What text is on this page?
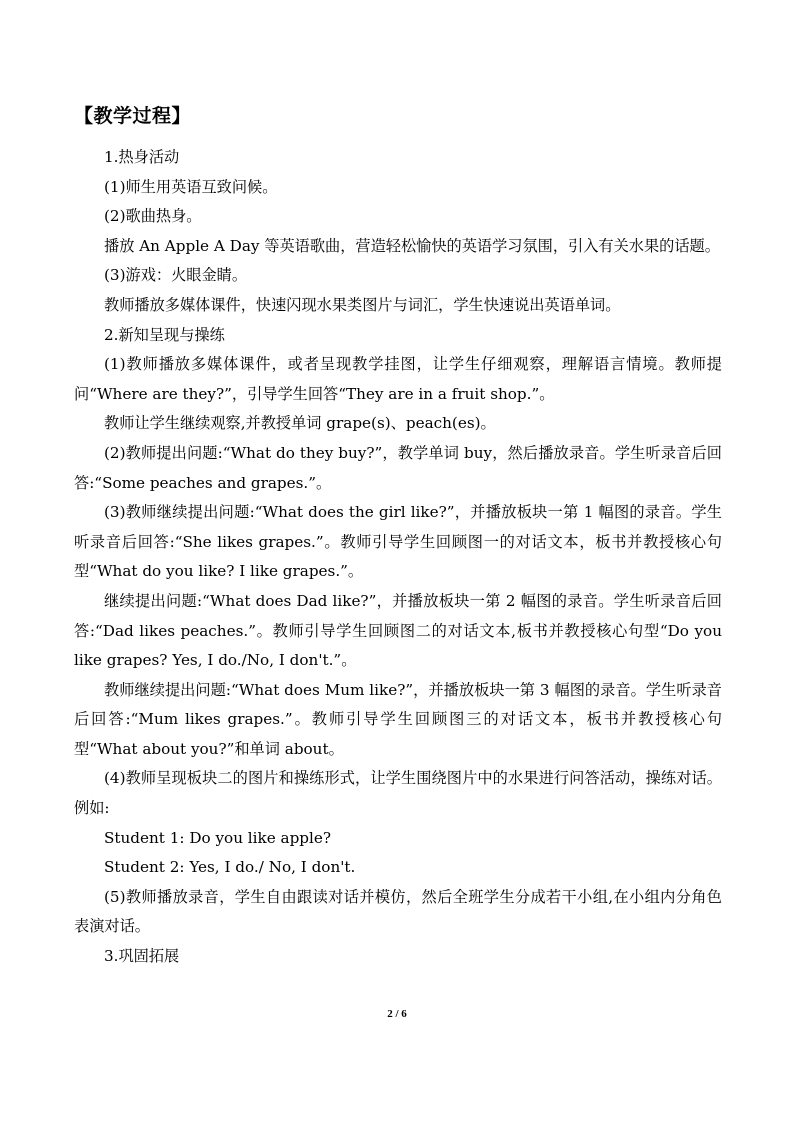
【教学过程】

1.热身活动

(1)师生用英语互致问候。

(2)歌曲热身。

播放 An Apple A Day 等英语歌曲，营造轻松愉快的英语学习氛围，引入有关水果的话题。

(3)游戏：火眼金睛。

教师播放多媒体课件，快速闪现水果类图片与词汇，学生快速说出英语单词。

2.新知呈现与操练

(1)教师播放多媒体课件，或者呈现教学挂图，让学生仔细观察，理解语言情境。教师提问“Where are they?”，引导学生回答“They are in a fruit shop.”。

教师让学生继续观察,并教授单词 grape(s)、peach(es)。

(2)教师提出问题:“What do they buy?”，教学单词 buy，然后播放录音。学生听录音后回答:“Some peaches and grapes.”。

(3)教师继续提出问题:“What does the girl like?”，并播放板块一第 1 幅图的录音。学生听录音后回答:“She likes grapes.”。教师引导学生回顾图一的对话文本，板书并教授核心句型“What do you like? I like grapes.”。

继续提出问题:“What does Dad like?”，并播放板块一第 2 幅图的录音。学生听录音后回答:“Dad likes peaches.”。教师引导学生回顾图二的对话文本,板书并教授核心句型“Do you like grapes? Yes, I do./No, I don't.”。

教师继续提出问题:“What does Mum like?”，并播放板块一第 3 幅图的录音。学生听录音后回答:“Mum likes grapes.”。教师引导学生回顾图三的对话文本，板书并教授核心句型“What about you?”和单词 about。

(4)教师呈现板块二的图片和操练形式，让学生围绕图片中的水果进行问答活动，操练对话。例如:

Student 1: Do you like apple?

Student 2: Yes, I do./ No, I don't.

(5)教师播放录音，学生自由跟读对话并模仿，然后全班学生分成若干小组,在小组内分角色表演对话。

3.巩固拓展

2 / 6
